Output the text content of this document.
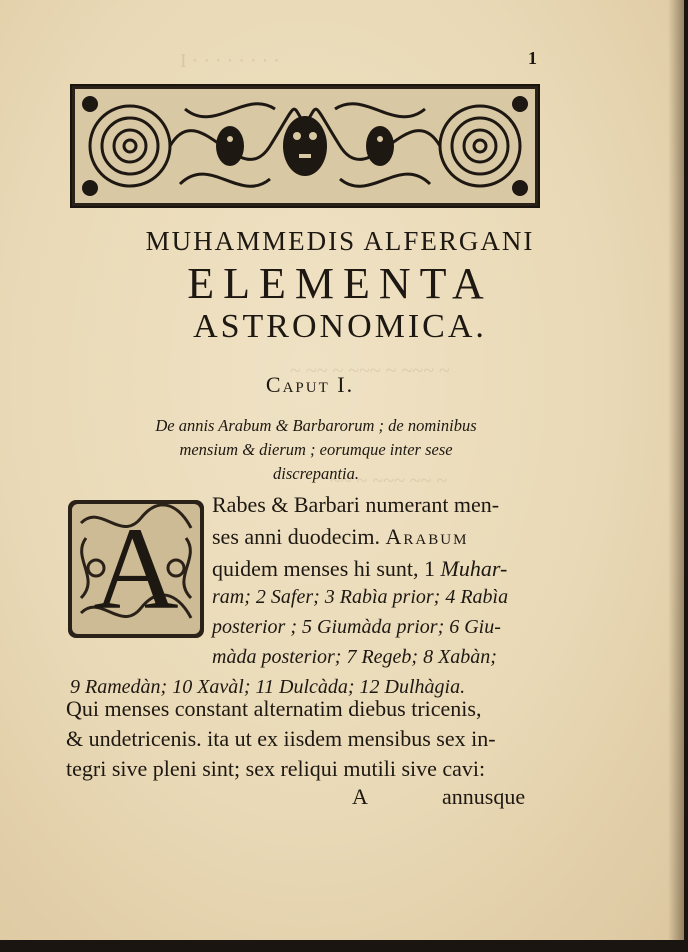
I · · · · · · · ·
~ ~~ ~ ~~~ ~ ~~~ ~
~~ ~ ~~~ ~~ ~
1
MUHAMMEDIS ALFERGANI
ELEMENTA
ASTRONOMICA.
Caput I.
De annis Arabum & Barbarorum ; de nominibus
mensium & dierum ; eorumque inter sese
discrepantia.
A	Rabes & Barbari numerant men-
ses anni duodecim. Arabum
quidem menses hi sunt, 1 Muhar-
ram; 2 Safer; 3 Rabìa prior; 4 Rabìa
posterior ; 5 Giumàda prior; 6 Giu-
màda posterior; 7 Regeb; 8 Xabàn;
9 Ramedàn; 10 Xavàl; 11 Dulcàda; 12 Dulhàgia.
Qui menses constant alternatim diebus tricenis,
& undetricenis. ita ut ex iisdem mensibus sex in-
tegri sive pleni sint; sex reliqui mutili sive cavi:
A	annusque
